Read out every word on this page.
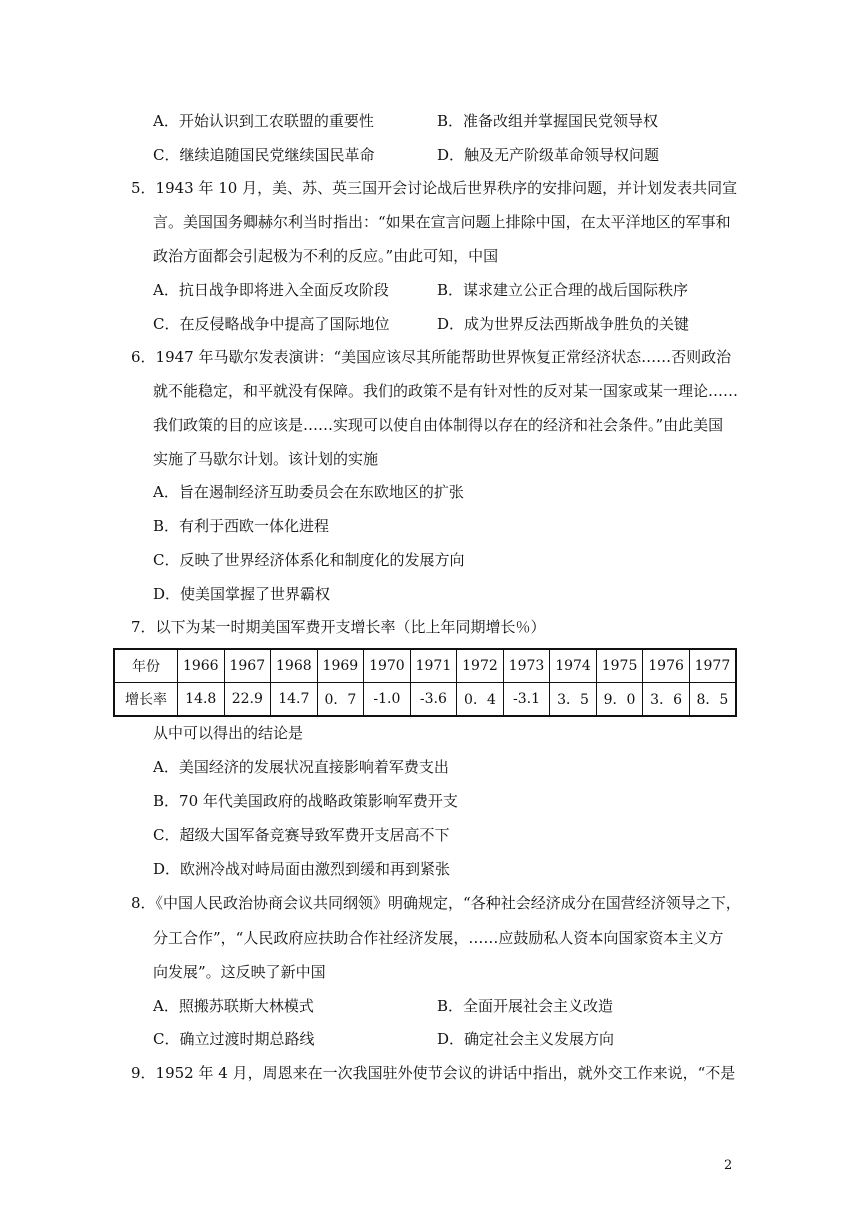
A．开始认识到工农联盟的重要性	B．准备改组并掌握国民党领导权
C．继续追随国民党继续国民革命	D．触及无产阶级革命领导权问题
5．1943 年 10 月，美、苏、英三国开会讨论战后世界秩序的安排问题，并计划发表共同宣
言。美国国务卿赫尔利当时指出：“如果在宣言问题上排除中国，在太平洋地区的军事和
政治方面都会引起极为不利的反应。”由此可知，中国
A．抗日战争即将进入全面反攻阶段	B．谋求建立公正合理的战后国际秩序
C．在反侵略战争中提高了国际地位	D．成为世界反法西斯战争胜负的关键
6．1947 年马歇尔发表演讲：“美国应该尽其所能帮助世界恢复正常经济状态……否则政治
就不能稳定，和平就没有保障。我们的政策不是有针对性的反对某一国家或某一理论……
我们政策的目的应该是……实现可以使自由体制得以存在的经济和社会条件。”由此美国
实施了马歇尔计划。该计划的实施
A．旨在遏制经济互助委员会在东欧地区的扩张
B．有利于西欧一体化进程
C．反映了世界经济体系化和制度化的发展方向
D．使美国掌握了世界霸权
7．以下为某一时期美国军费开支增长率（比上年同期增长％）
年份	1966	1967	1968	1969	1970	1971	1972	1973	1974	1975	1976	1977
增长率	14.8	22.9	14.7	0．7	-1.0	-3.6	0．4	-3.1	3．5	9．0	3．6	8．5
从中可以得出的结论是
A．美国经济的发展状况直接影响着军费支出
B．70 年代美国政府的战略政策影响军费开支
C．超级大国军备竞赛导致军费开支居高不下
D．欧洲冷战对峙局面由激烈到缓和再到紧张
8．《中国人民政治协商会议共同纲领》明确规定，“各种社会经济成分在国营经济领导之下，
分工合作”，“人民政府应扶助合作社经济发展，……应鼓励私人资本向国家资本主义方
向发展”。这反映了新中国
A．照搬苏联斯大林模式	B．全面开展社会主义改造
C．确立过渡时期总路线	D．确定社会主义发展方向
9．1952 年 4 月，周恩来在一次我国驻外使节会议的讲话中指出，就外交工作来说，“不是
2
